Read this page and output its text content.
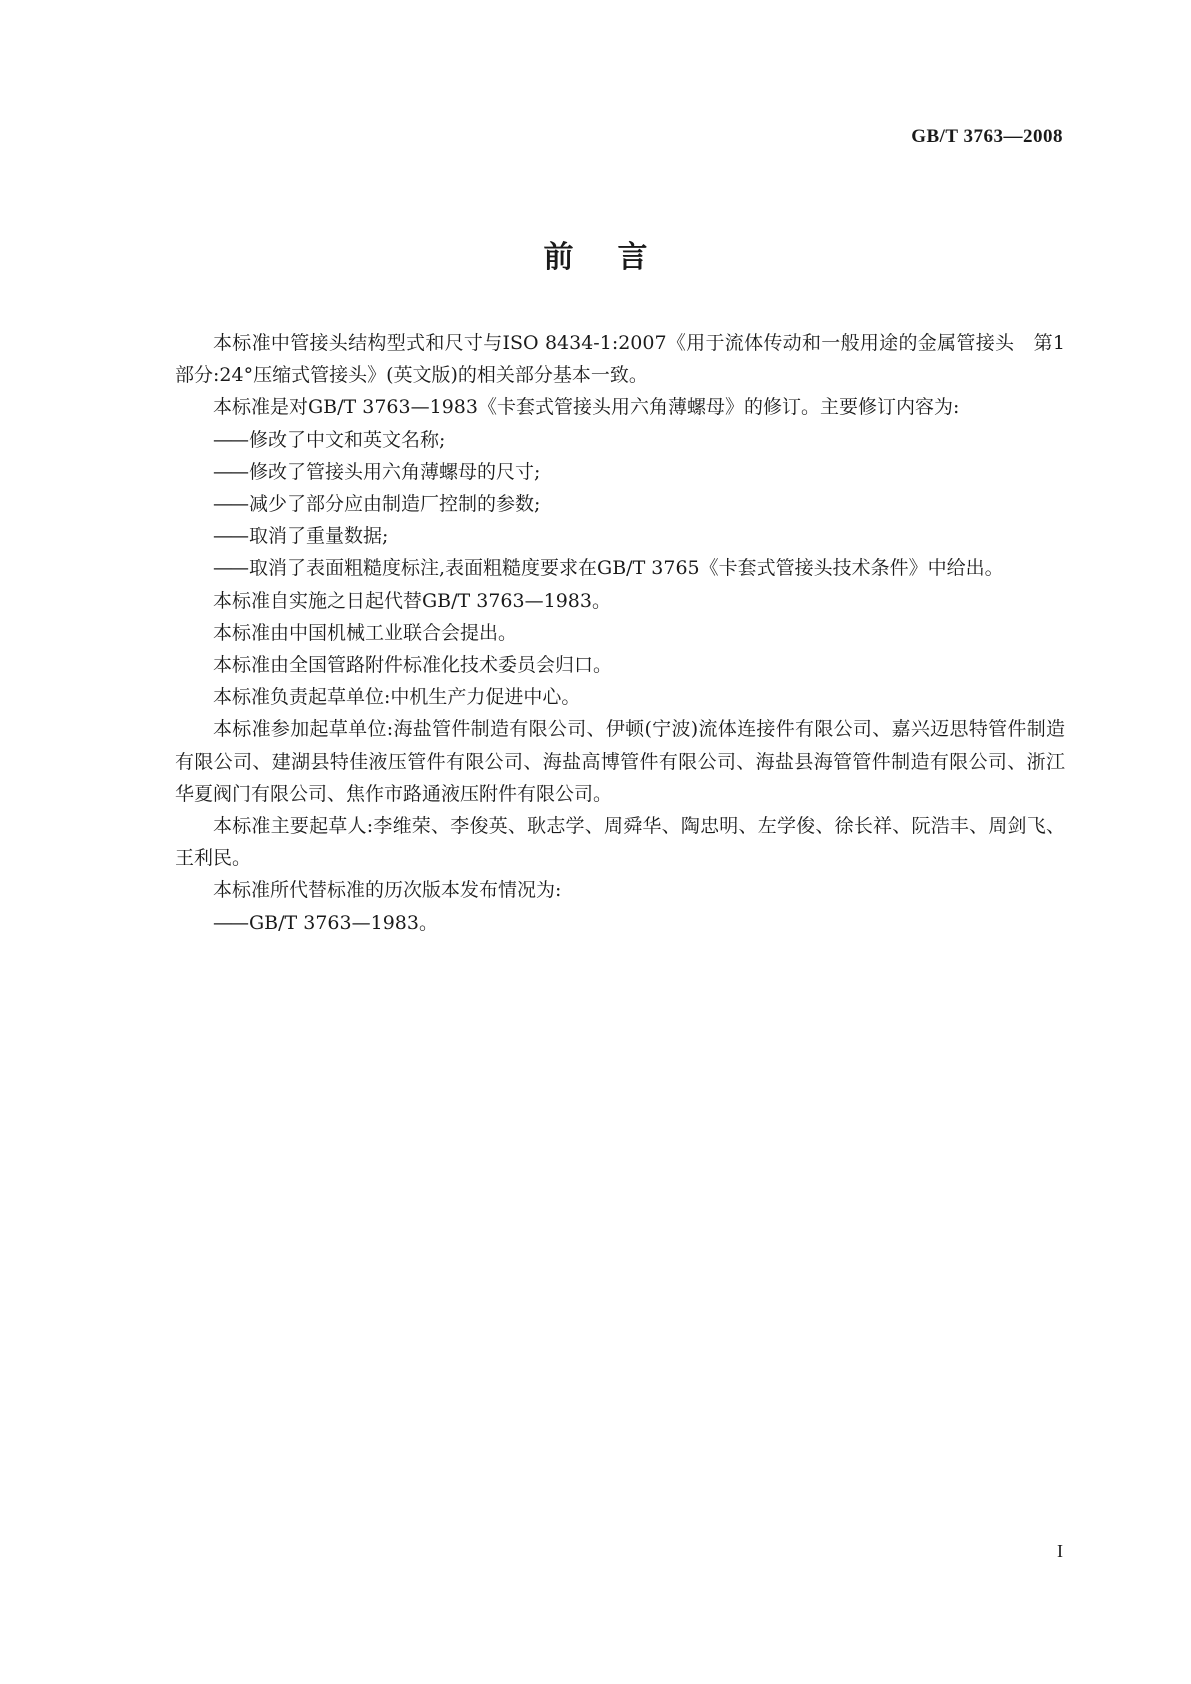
GB/T 3763—2008
前言

本标准中管接头结构型式和尺寸与ISO 8434-1:2007《用于流体传动和一般用途的金属管接头　第1部分:24°压缩式管接头》(英文版)的相关部分基本一致。

本标准是对GB/T 3763—1983《卡套式管接头用六角薄螺母》的修订。主要修订内容为:

—— 修改了中文和英文名称;

—— 修改了管接头用六角薄螺母的尺寸;

—— 减少了部分应由制造厂控制的参数;

—— 取消了重量数据;

—— 取消了表面粗糙度标注,表面粗糙度要求在GB/T 3765《卡套式管接头技术条件》中给出。

本标准自实施之日起代替GB/T 3763—1983。

本标准由中国机械工业联合会提出。

本标准由全国管路附件标准化技术委员会归口。

本标准负责起草单位:中机生产力促进中心。

本标准参加起草单位:海盐管件制造有限公司、伊顿(宁波)流体连接件有限公司、嘉兴迈思特管件制造有限公司、建湖县特佳液压管件有限公司、海盐高博管件有限公司、海盐县海管管件制造有限公司、浙江华夏阀门有限公司、焦作市路通液压附件有限公司。

本标准主要起草人:李维荣、李俊英、耿志学、周舜华、陶忠明、左学俊、徐长祥、阮浩丰、周剑飞、王利民。

本标准所代替标准的历次版本发布情况为:

—— GB/T 3763—1983。

I
